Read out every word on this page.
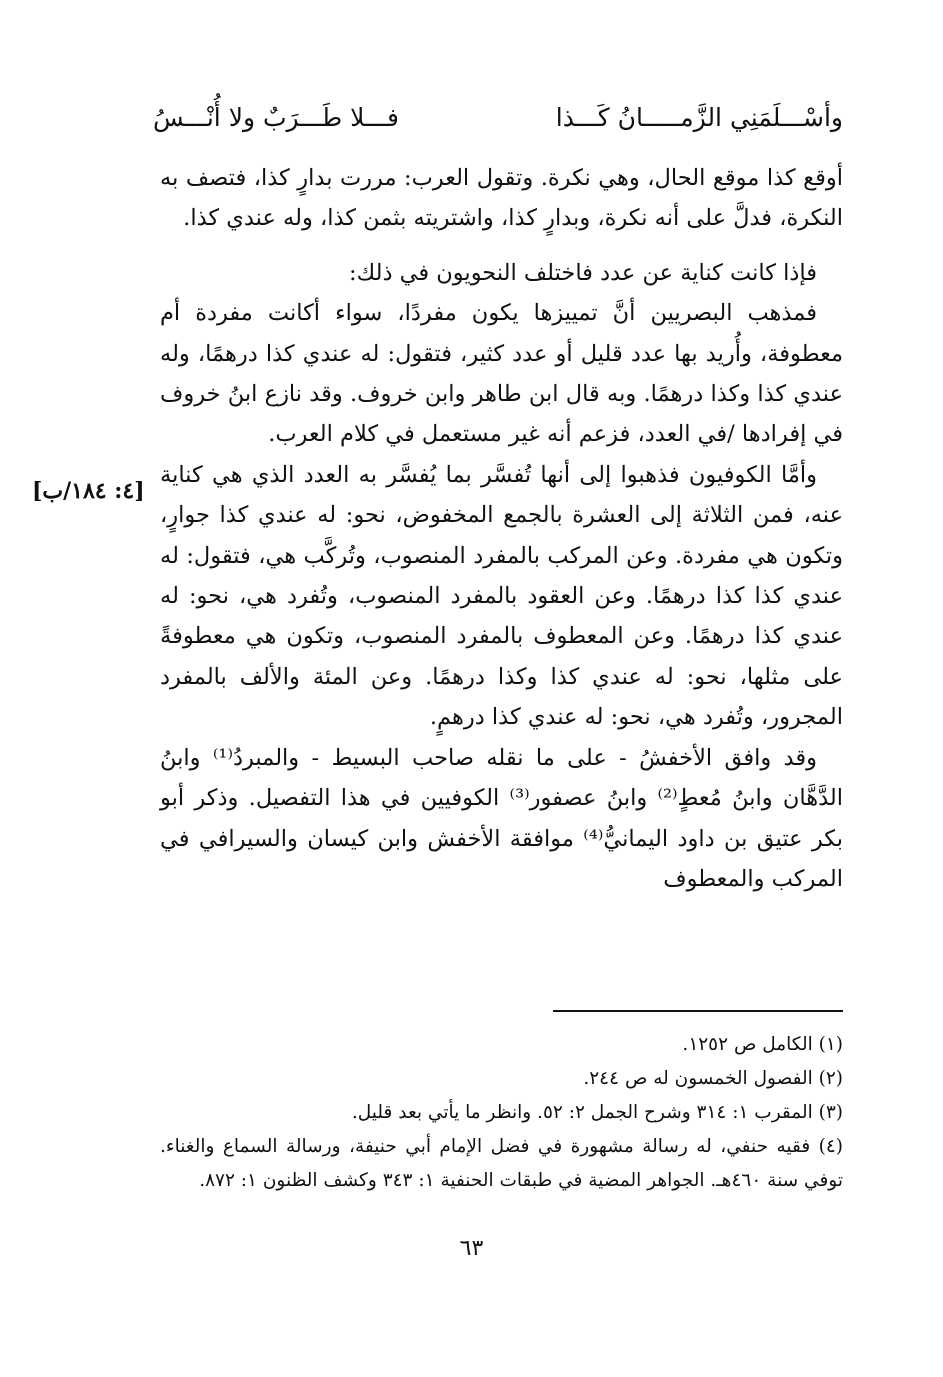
وأسْـــلَمَنِي الزَّمـــــانُ كَـــذا
فـــلا طَـــرَبٌ ولا أُنْـــسُ

أوقع كذا موقع الحال، وهي نكرة. وتقول العرب: مررت بدارٍ كذا، فتصف به النكرة، فدلَّ على أنه نكرة، وبدارٍ كذا، واشتريته بثمن كذا، وله عندي كذا.

فإذا كانت كناية عن عدد فاختلف النحويون في ذلك:

فمذهب البصريين أنَّ تمييزها يكون مفردًا، سواء أكانت مفردة أم معطوفة، وأُريد بها عدد قليل أو عدد كثير، فتقول: له عندي كذا درهمًا، وله عندي كذا وكذا درهمًا. وبه قال ابن طاهر وابن خروف. وقد نازع ابنُ خروف في إفرادها /في العدد، فزعم أنه غير مستعمل في كلام العرب.

وأمَّا الكوفيون فذهبوا إلى أنها تُفسَّر بما يُفسَّر به العدد الذي هي كناية عنه، فمن الثلاثة إلى العشرة بالجمع المخفوض، نحو: له عندي كذا جوارٍ، وتكون هي مفردة. وعن المركب بالمفرد المنصوب، وتُركَّب هي، فتقول: له عندي كذا كذا درهمًا. وعن العقود بالمفرد المنصوب، وتُفرد هي، نحو: له عندي كذا درهمًا. وعن المعطوف بالمفرد المنصوب، وتكون هي معطوفةً على مثلها، نحو: له عندي كذا وكذا درهمًا. وعن المئة والألف بالمفرد المجرور، وتُفرد هي، نحو: له عندي كذا درهمٍ.

وقد وافق الأخفشُ - على ما نقله صاحب البسيط - والمبردُ⁽¹⁾ وابنُ الدَّهَّان وابنُ مُعطٍ⁽²⁾ وابنُ عصفور⁽³⁾ الكوفيين في هذا التفصيل. وذكر أبو بكر عتيق بن داود اليمانيُّ⁽⁴⁾ موافقة الأخفش وابن كيسان والسيرافي في المركب والمعطوف

[٤: ١٨٤/ب]

(١) الكامل ص ١٢٥٢.

(٢) الفصول الخمسون له ص ٢٤٤.

(٣) المقرب ١: ٣١٤ وشرح الجمل ٢: ٥٢. وانظر ما يأتي بعد قليل.

(٤) فقيه حنفي، له رسالة مشهورة في فضل الإمام أبي حنيفة، ورسالة السماع والغناء. توفي سنة ٤٦٠هـ. الجواهر المضية في طبقات الحنفية ١: ٣٤٣ وكشف الظنون ١: ٨٧٢.

٦٣
